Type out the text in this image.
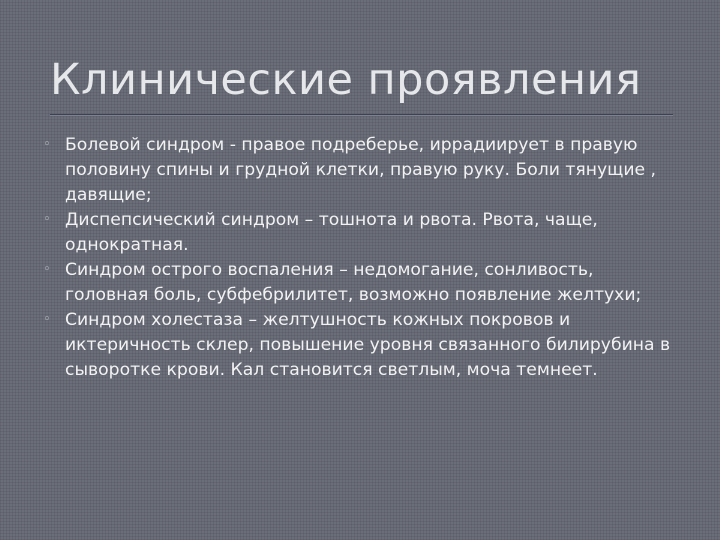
Клинические проявления
◦ Болевой синдром - правое подреберье, иррадиирует в правую половину спины и грудной клетки, правую руку. Боли тянущие , давящие;
◦ Диспепсический синдром – тошнота и рвота. Рвота, чаще, однократная.
◦ Синдром острого воспаления – недомогание, сонливость, головная боль, субфебрилитет, возможно появление желтухи;
◦ Синдром холестаза – желтушность кожных покровов и иктеричность склер, повышение уровня связанного билирубина в сыворотке крови. Кал становится светлым, моча темнеет.
